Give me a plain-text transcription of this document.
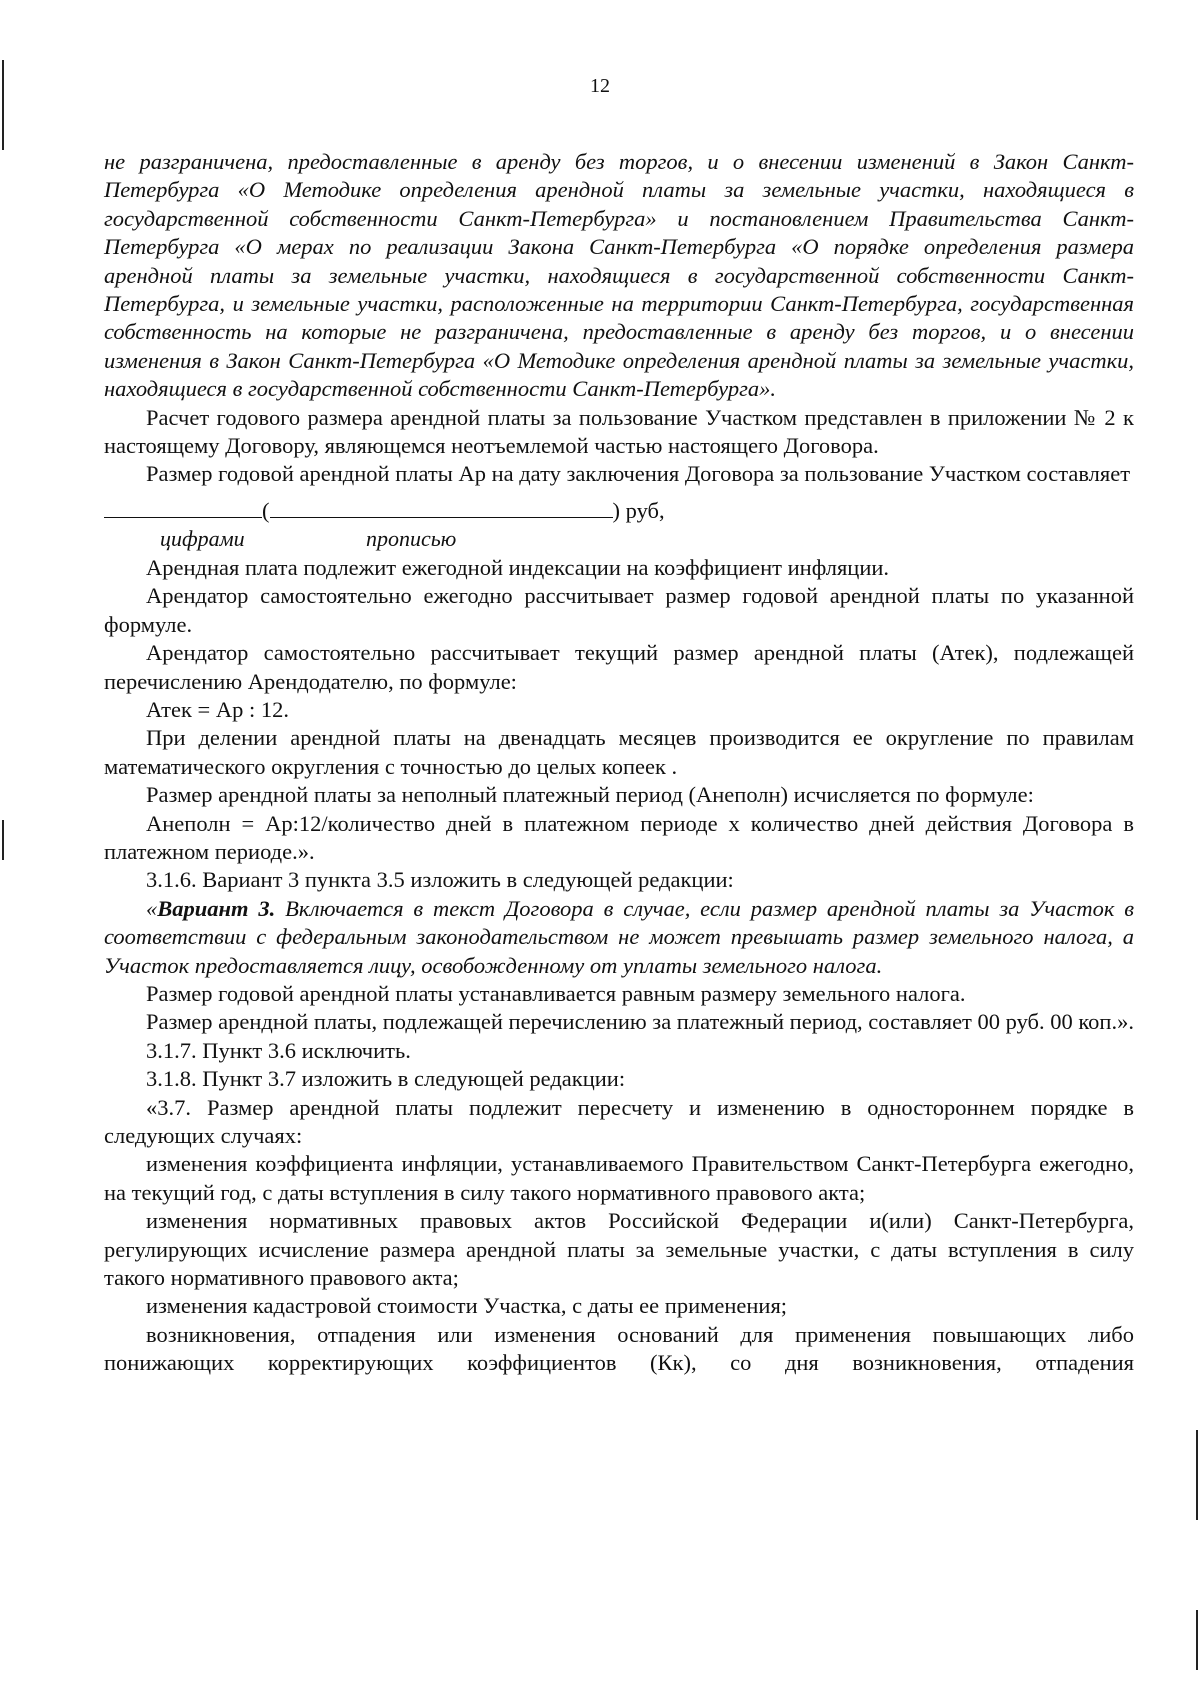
12

не разграничена, предоставленные в аренду без торгов, и о внесении изменений в Закон Санкт-Петербурга «О Методике определения арендной платы за земельные участки, находящиеся в государственной собственности Санкт-Петербурга» и постановлением Правительства Санкт-Петербурга «О мерах по реализации Закона Санкт-Петербурга «О порядке определения размера арендной платы за земельные участки, находящиеся в государственной собственности Санкт-Петербурга, и земельные участки, расположенные на территории Санкт-Петербурга, государственная собственность на которые не разграничена, предоставленные в аренду без торгов, и о внесении изменения в Закон Санкт-Петербурга «О Методике определения арендной платы за земельные участки, находящиеся в государственной собственности Санкт-Петербурга».

Расчет годового размера арендной платы за пользование Участком представлен в приложении № 2 к настоящему Договору, являющемся неотъемлемой частью настоящего Договора.

Размер годовой арендной платы Ар на дату заключения Договора за пользование Участком составляет

(	) руб,
цифрами	прописью

Арендная плата подлежит ежегодной индексации на коэффициент инфляции.

Арендатор самостоятельно ежегодно рассчитывает размер годовой арендной платы по указанной формуле.

Арендатор самостоятельно рассчитывает текущий размер арендной платы (Атек), подлежащей перечислению Арендодателю, по формуле:

Атек = Ар : 12.

При делении арендной платы на двенадцать месяцев производится ее округление по правилам математического округления с точностью до целых копеек .

Размер арендной платы за неполный платежный период (Анеполн) исчисляется по формуле:

Анеполн = Ар:12/количество дней в платежном периоде х количество дней действия Договора в платежном периоде.».

3.1.6. Вариант 3 пункта 3.5 изложить в следующей редакции:

«Вариант 3. Включается в текст Договора в случае, если размер арендной платы за Участок в соответствии с федеральным законодательством не может превышать размер земельного налога, а Участок предоставляется лицу, освобожденному от уплаты земельного налога.

Размер годовой арендной платы устанавливается равным размеру земельного налога.

Размер арендной платы, подлежащей перечислению за платежный период, составляет 00 руб. 00 коп.».

3.1.7. Пункт 3.6 исключить.

3.1.8. Пункт 3.7 изложить в следующей редакции:

«3.7. Размер арендной платы подлежит пересчету и изменению в одностороннем порядке в следующих случаях:

изменения коэффициента инфляции, устанавливаемого Правительством Санкт-Петербурга ежегодно, на текущий год, с даты вступления в силу такого нормативного правового акта;

изменения нормативных правовых актов Российской Федерации и(или) Санкт-Петербурга, регулирующих исчисление размера арендной платы за земельные участки, с даты вступления в силу такого нормативного правового акта;

изменения кадастровой стоимости Участка, с даты ее применения;

возникновения, отпадения или изменения оснований для применения повышающих либо понижающих корректирующих коэффициентов (Кк), со дня возникновения, отпадения
